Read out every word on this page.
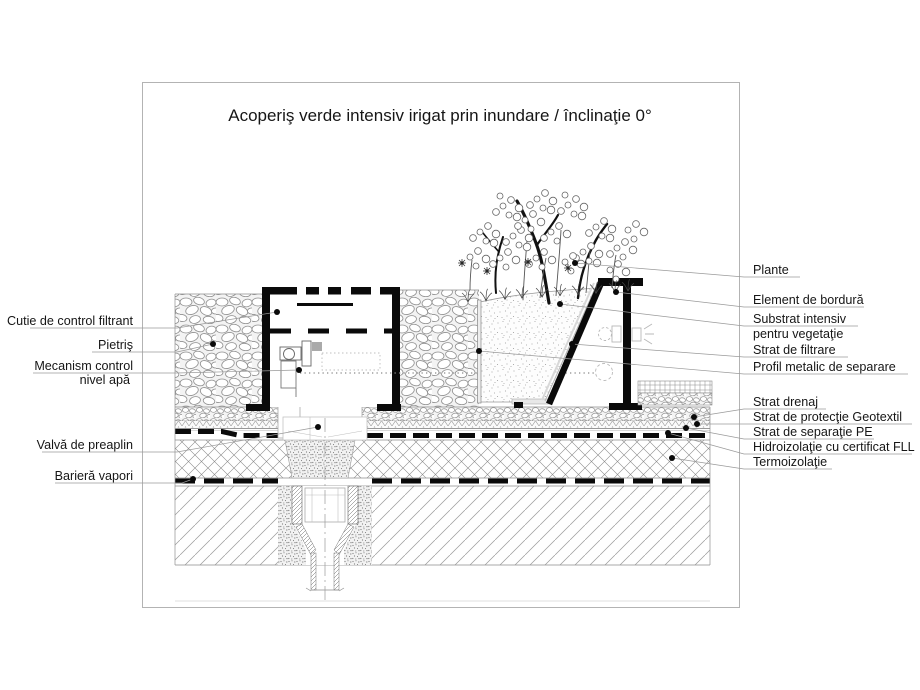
Acoperiş verde intensiv irigat prin inundare / înclinaţie 0°
Cutie de control filtrant
Pietriş
Mecanism control
nivel apă
Valvă de preaplin
Barieră vapori
Plante
Element de bordură
Substrat intensiv
pentru vegetaţie
Strat de filtrare
Profil metalic de separare
Strat drenaj
Strat de protecţie Geotextil
Strat de separaţie PE
Hidroizolaţie cu certificat FLL
Termoizolaţie
